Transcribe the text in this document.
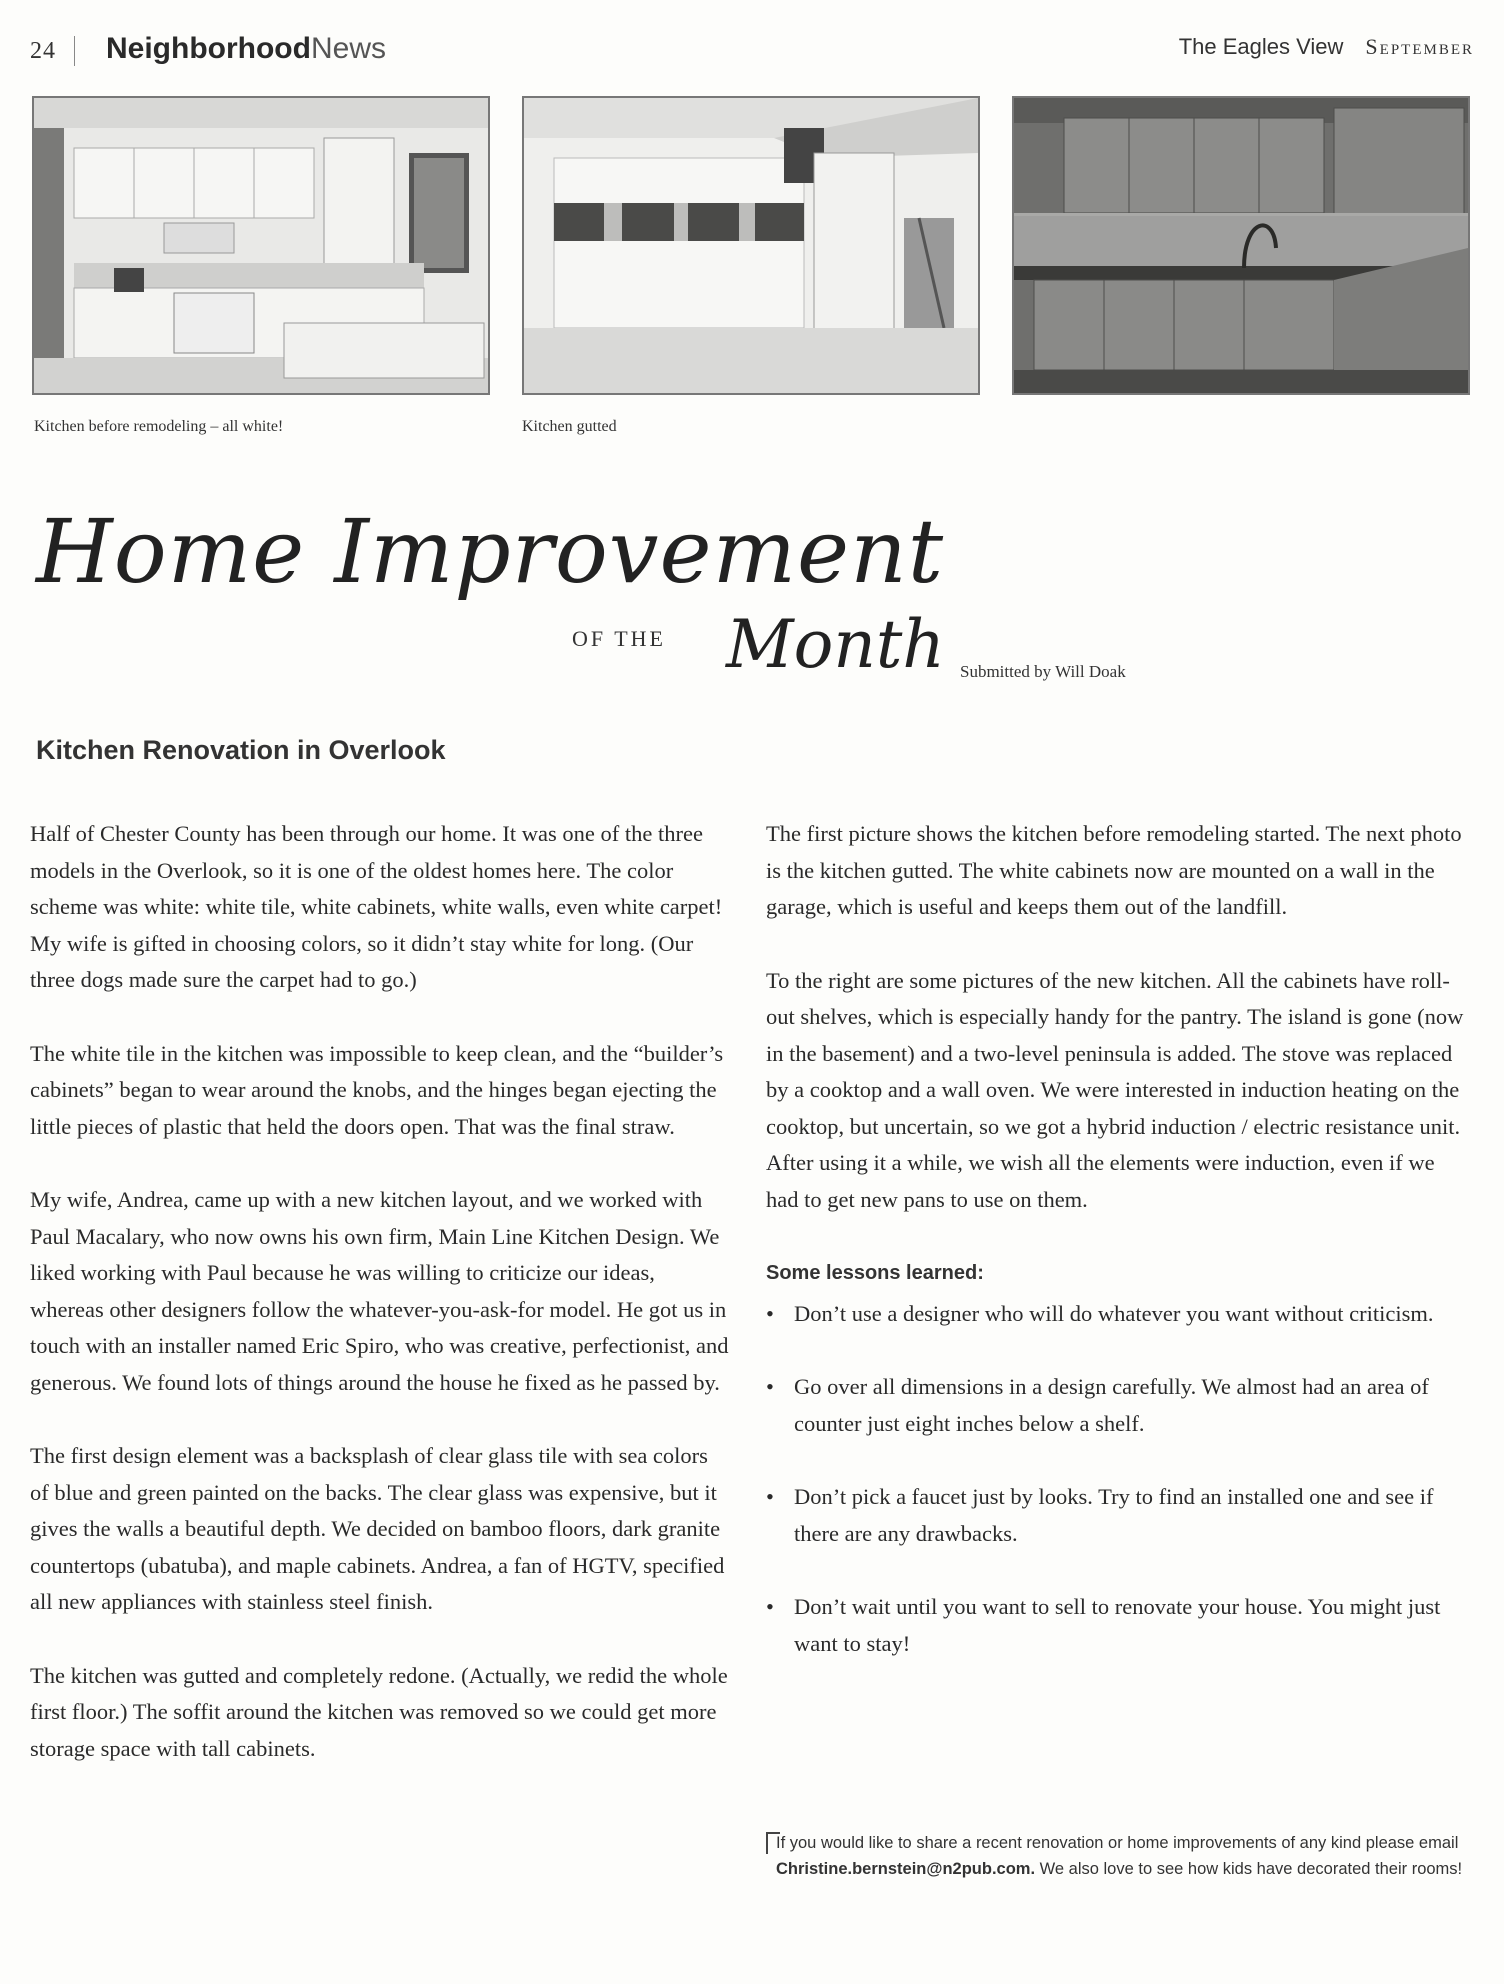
24 NeighborhoodNews	The Eagles View September
Kitchen before remodeling – all white!	Kitchen gutted
Home Improvement
OF THE Month Submitted by Will Doak
Kitchen Renovation in Overlook

Half of Chester County has been through our home. It was one of the three models in the Overlook, so it is one of the oldest homes here. The color scheme was white: white tile, white cabinets, white walls, even white carpet! My wife is gifted in choosing colors, so it didn’t stay white for long. (Our three dogs made sure the carpet had to go.)

The white tile in the kitchen was impossible to keep clean, and the “builder’s cabinets” began to wear around the knobs, and the hinges began ejecting the little pieces of plastic that held the doors open. That was the final straw.

My wife, Andrea, came up with a new kitchen layout, and we worked with Paul Macalary, who now owns his own firm, Main Line Kitchen Design. We liked working with Paul because he was willing to criticize our ideas, whereas other designers follow the whatever-you-ask-for model. He got us in touch with an installer named Eric Spiro, who was creative, perfectionist, and generous. We found lots of things around the house he fixed as he passed by.

The first design element was a backsplash of clear glass tile with sea colors of blue and green painted on the backs. The clear glass was expensive, but it gives the walls a beautiful depth. We decided on bamboo floors, dark granite countertops (ubatuba), and maple cabinets. Andrea, a fan of HGTV, specified all new appliances with stainless steel finish.

The kitchen was gutted and completely redone. (Actually, we redid the whole first floor.) The soffit around the kitchen was removed so we could get more storage space with tall cabinets.

The first picture shows the kitchen before remodeling started. The next photo is the kitchen gutted. The white cabinets now are mounted on a wall in the garage, which is useful and keeps them out of the landfill.

To the right are some pictures of the new kitchen. All the cabinets have roll-out shelves, which is especially handy for the pantry. The island is gone (now in the basement) and a two-level peninsula is added. The stove was replaced by a cooktop and a wall oven. We were interested in induction heating on the cooktop, but uncertain, so we got a hybrid induction / electric resistance unit. After using it a while, we wish all the elements were induction, even if we had to get new pans to use on them.

Some lessons learned:
• Don’t use a designer who will do whatever you want without criticism.
• Go over all dimensions in a design carefully. We almost had an area of counter just eight inches below a shelf.
• Don’t pick a faucet just by looks. Try to find an installed one and see if there are any drawbacks.
• Don’t wait until you want to sell to renovate your house. You might just want to stay!
If you would like to share a recent renovation or home improvements of any kind please email Christine.bernstein@n2pub.com. We also love to see how kids have decorated their rooms!
